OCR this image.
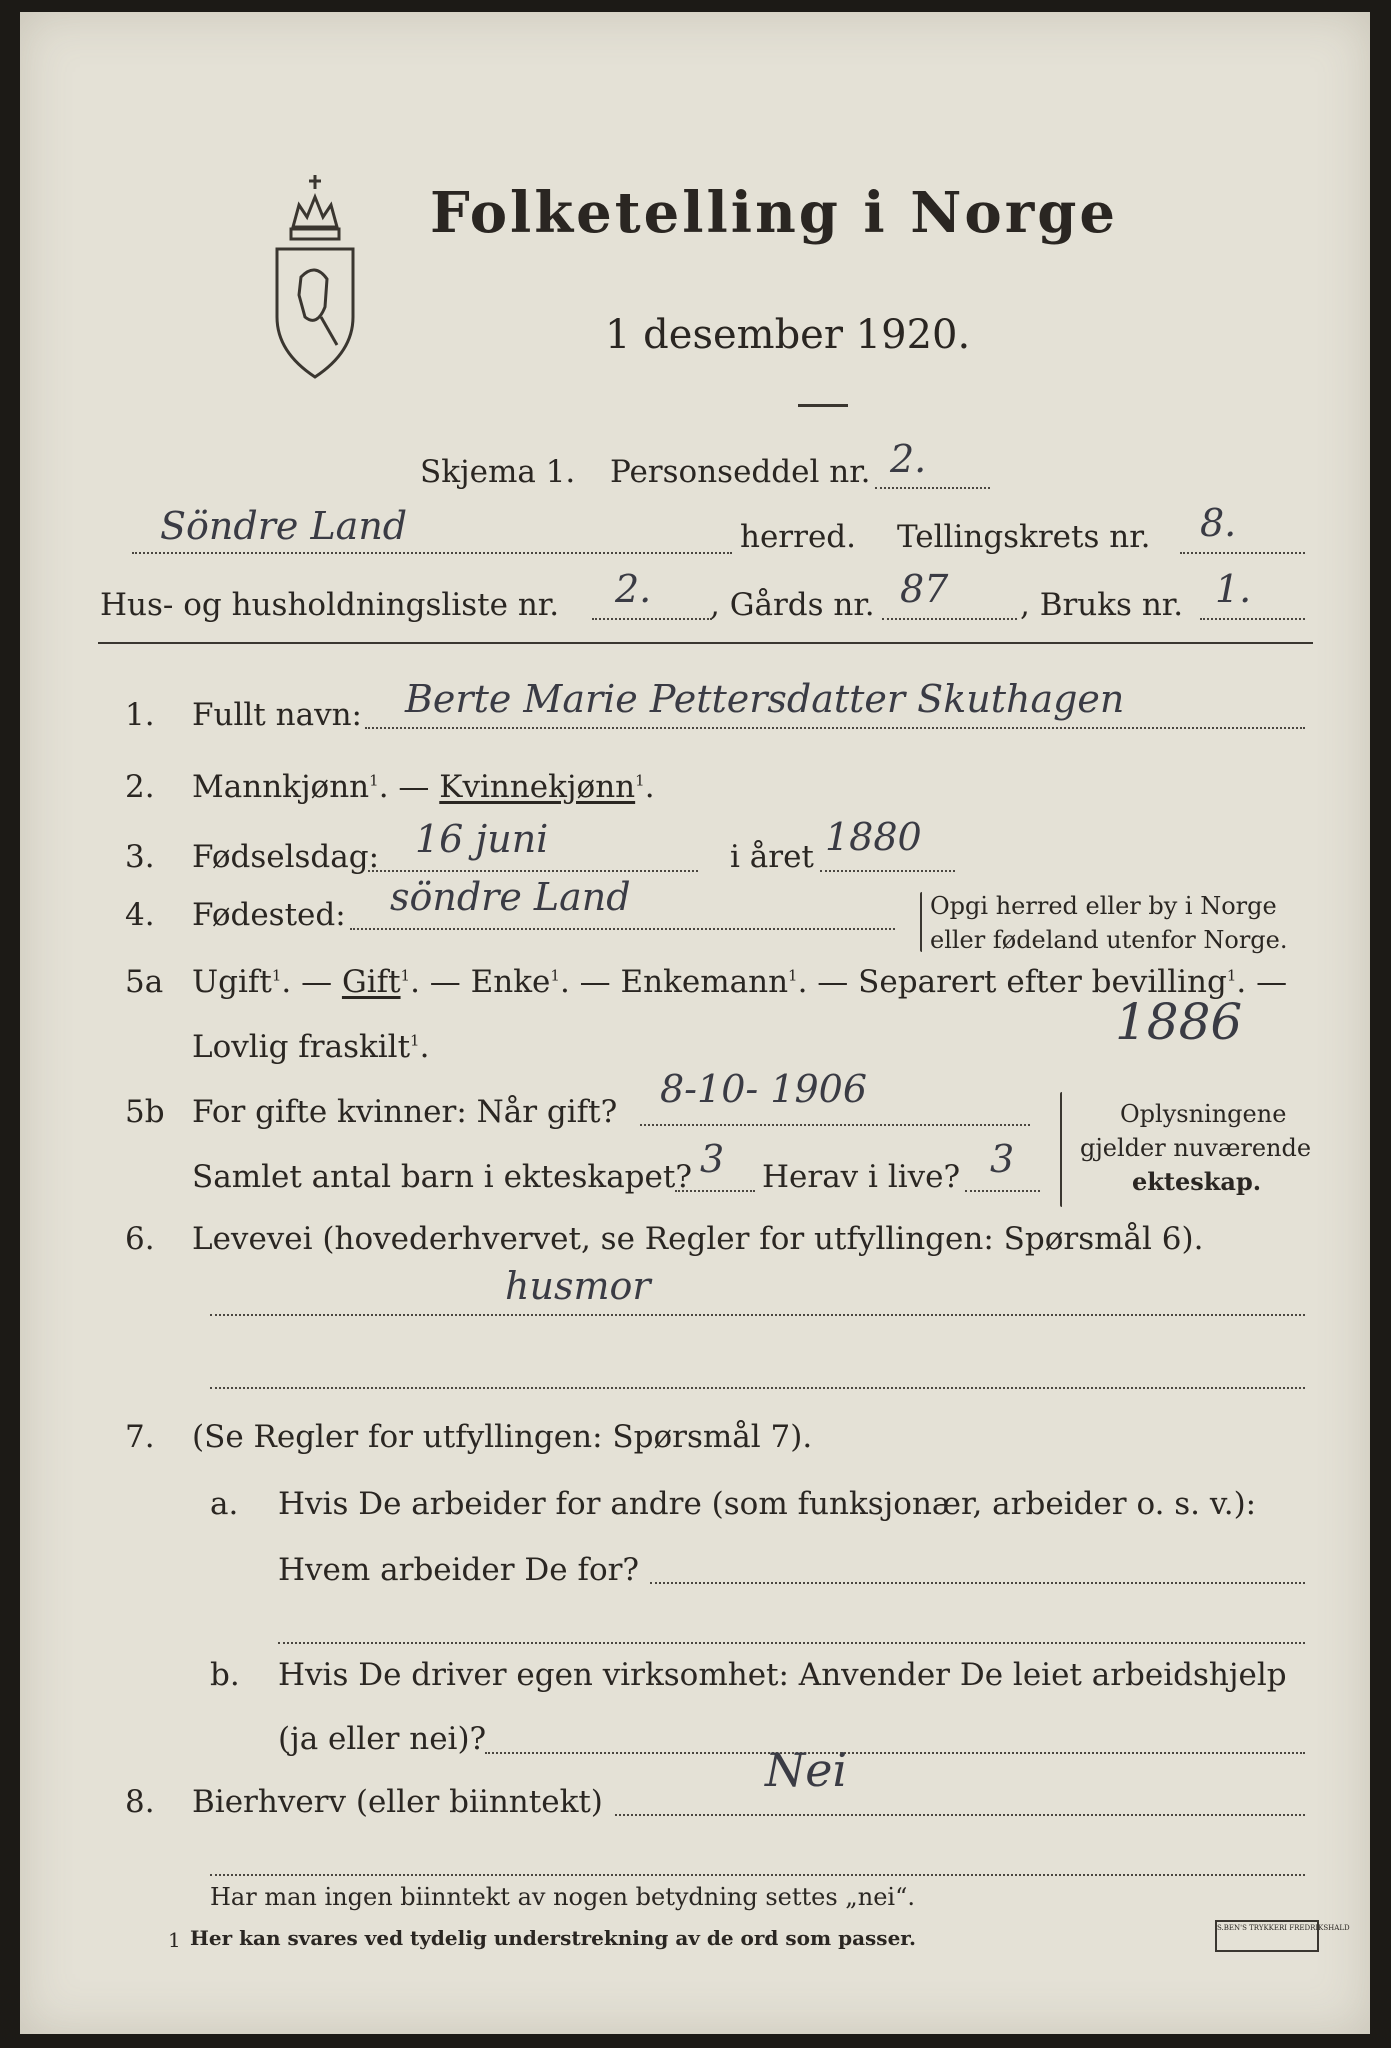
Folketelling i Norge
1 desember 1920.
Skjema 1. Personseddel nr. 2.
Söndre Land	herred. Tellingskrets nr. 8.
Hus- og husholdningsliste nr. 2. , Gårds nr. 87 , Bruks nr. 1.
1. Fullt navn: Berte Marie Pettersdatter Skuthagen
2. Mannkjønn$^1$. — Kvinnekjønn$^1$.
3. Fødselsdag: 16 juni	i året 1880
4. Fødested: söndre Land	Opgi herred eller by i Norge
eller fødeland utenfor Norge.
5a Ugift$^1$. — Gift$^1$. — Enke$^1$. — Enkemann$^1$. — Separert efter bevilling$^1$. —
Lovlig fraskilt$^1$.	1886
5b For gifte kvinner: Når gift?
8-10- 1906
Samlet antal barn i ekteskapet? 3 Herav i live? 3
Oplysningene
gjelder nuværende
ekteskap.
6. Levevei (hovederhvervet, se Regler for utfyllingen: Spørsmål 6).
husmor
7. (Se Regler for utfyllingen: Spørsmål 7).
a. Hvis De arbeider for andre (som funksjonær, arbeider o. s. v.):
Hvem arbeider De for?
b. Hvis De driver egen virksomhet: Anvender De leiet arbeidshjelp
(ja eller nei)?
8. Bierhverv (eller biinntekt)
Nei
Har man ingen biinntekt av nogen betydning settes „nei“.
1 Her kan svares ved tydelig understrekning av de ord som passer.	S.BEN'S TRYKKERI FREDRIKSHALD
